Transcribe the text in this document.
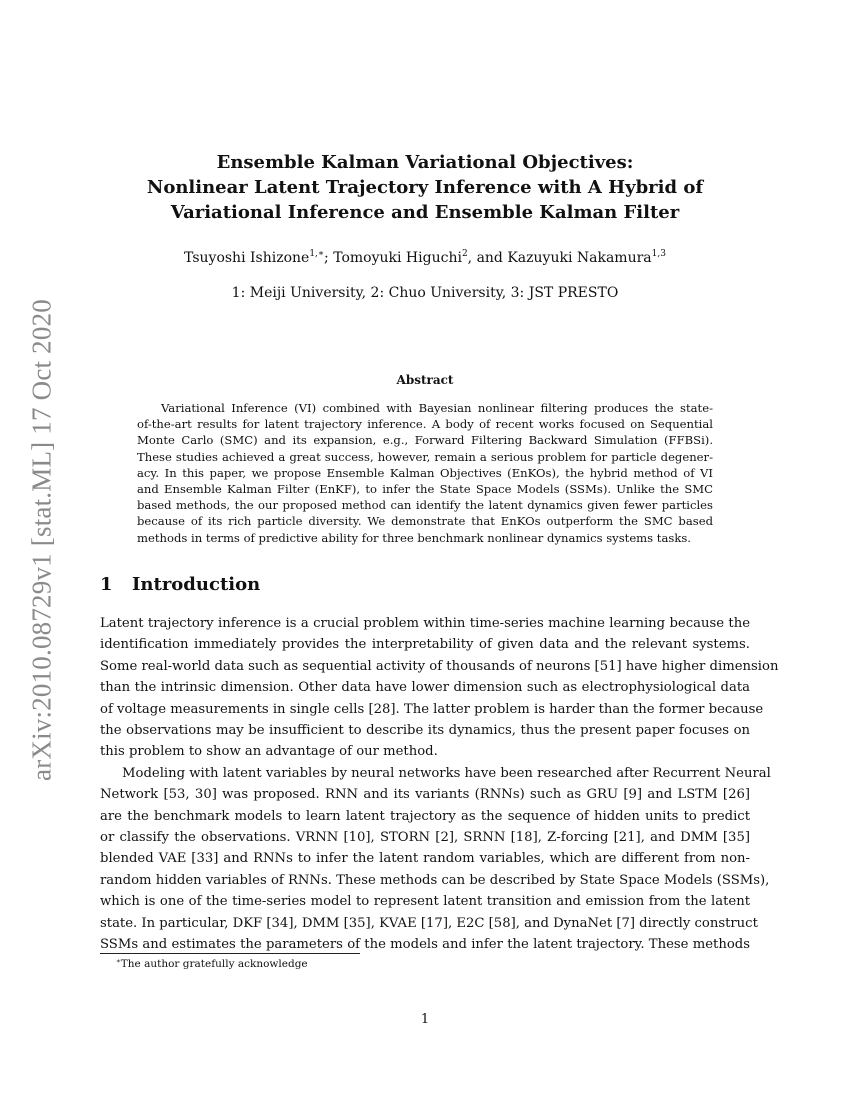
arXiv:2010.08729v1 [stat.ML] 17 Oct 2020
Ensemble Kalman Variational Objectives:
Nonlinear Latent Trajectory Inference with A Hybrid of
Variational Inference and Ensemble Kalman Filter
Tsuyoshi Ishizone$^{1,∗}$; Tomoyuki Higuchi$^2$, and Kazuyuki Nakamura$^{1,3}$
1: Meiji University, 2: Chuo University, 3: JST PRESTO
Abstract
Variational Inference (VI) combined with Bayesian nonlinear filtering produces the state-
of-the-art results for latent trajectory inference. A body of recent works focused on Sequential
Monte Carlo (SMC) and its expansion, e.g., Forward Filtering Backward Simulation (FFBSi).
These studies achieved a great success, however, remain a serious problem for particle degener-
acy. In this paper, we propose Ensemble Kalman Objectives (EnKOs), the hybrid method of VI
and Ensemble Kalman Filter (EnKF), to infer the State Space Models (SSMs). Unlike the SMC
based methods, the our proposed method can identify the latent dynamics given fewer particles
because of its rich particle diversity. We demonstrate that EnKOs outperform the SMC based
methods in terms of predictive ability for three benchmark nonlinear dynamics systems tasks.
1 Introduction
Latent trajectory inference is a crucial problem within time-series machine learning because the
identification immediately provides the interpretability of given data and the relevant systems.
Some real-world data such as sequential activity of thousands of neurons [51] have higher dimension
than the intrinsic dimension. Other data have lower dimension such as electrophysiological data
of voltage measurements in single cells [28]. The latter problem is harder than the former because
the observations may be insufficient to describe its dynamics, thus the present paper focuses on
this problem to show an advantage of our method.
Modeling with latent variables by neural networks have been researched after Recurrent Neural
Network [53, 30] was proposed. RNN and its variants (RNNs) such as GRU [9] and LSTM [26]
are the benchmark models to learn latent trajectory as the sequence of hidden units to predict
or classify the observations. VRNN [10], STORN [2], SRNN [18], Z-forcing [21], and DMM [35]
blended VAE [33] and RNNs to infer the latent random variables, which are different from non-
random hidden variables of RNNs. These methods can be described by State Space Models (SSMs),
which is one of the time-series model to represent latent transition and emission from the latent
state. In particular, DKF [34], DMM [35], KVAE [17], E2C [58], and DynaNet [7] directly construct
SSMs and estimates the parameters of the models and infer the latent trajectory. These methods
∗The author gratefully acknowledge
1
